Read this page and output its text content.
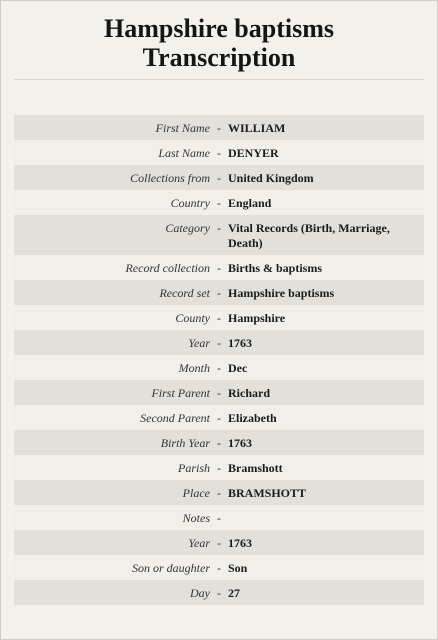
Hampshire baptisms
Transcription
First Name - WILLIAM
Last Name - DENYER
Collections from - United Kingdom
Country - England
Category - Vital Records (Birth, Marriage,
Death)
Record collection - Births & baptisms
Record set - Hampshire baptisms
County - Hampshire
Year - 1763
Month - Dec
First Parent - Richard
Second Parent - Elizabeth
Birth Year - 1763
Parish - Bramshott
Place - BRAMSHOTT
Notes -
Year - 1763
Son or daughter - Son
Day - 27
